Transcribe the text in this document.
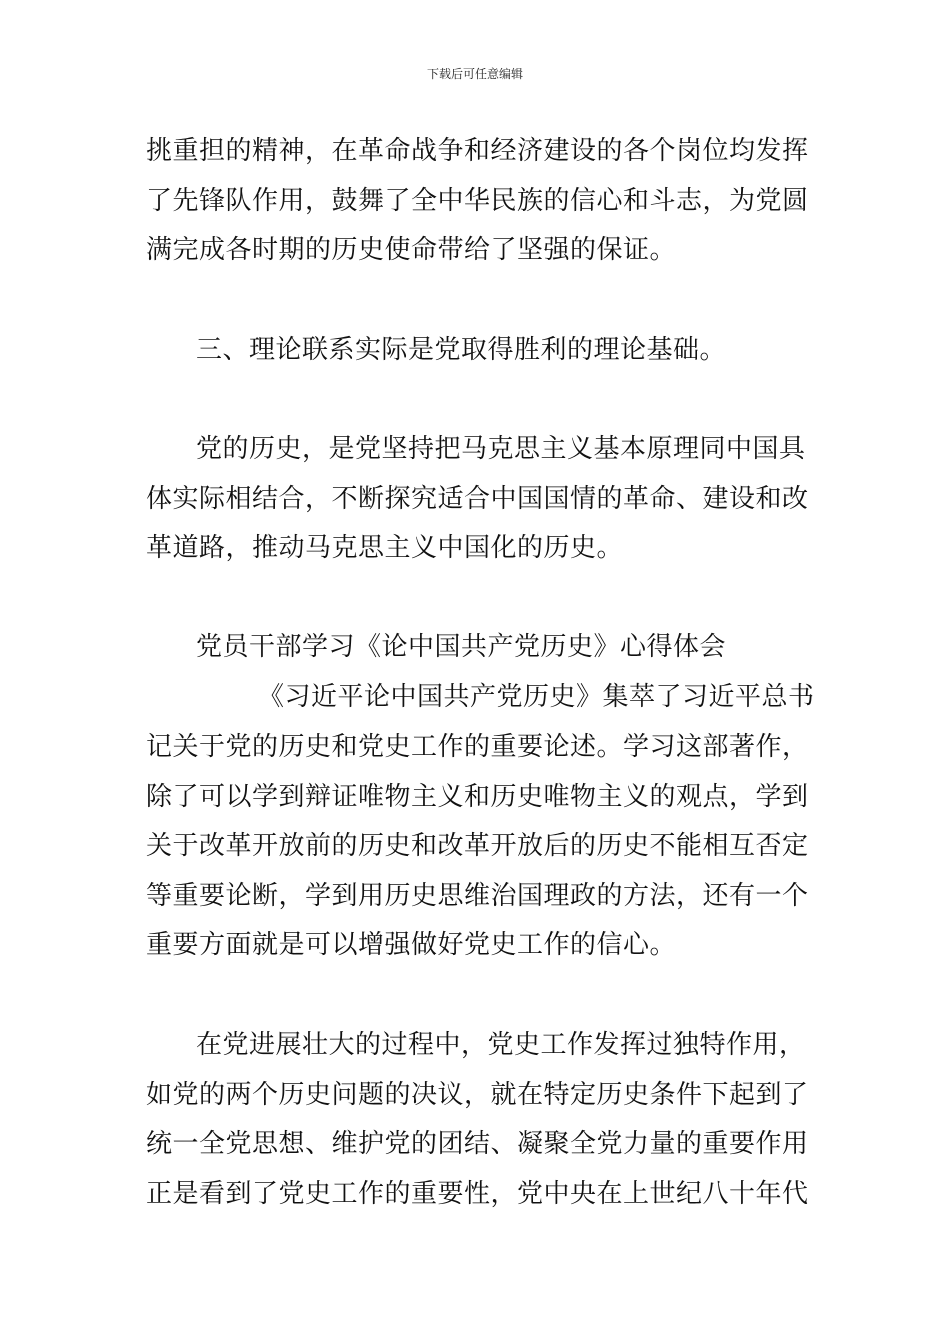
下载后可任意编辑
挑重担的精神，在革命战争和经济建设的各个岗位均发挥
了先锋队作用，鼓舞了全中华民族的信心和斗志，为党圆
满完成各时期的历史使命带给了坚强的保证。
三、理论联系实际是党取得胜利的理论基础。
党的历史，是党坚持把马克思主义基本原理同中国具
体实际相结合，不断探究适合中国国情的革命、建设和改
革道路，推动马克思主义中国化的历史。
党员干部学习《论中国共产党历史》心得体会
《习近平论中国共产党历史》集萃了习近平总书
记关于党的历史和党史工作的重要论述。学习这部著作，
除了可以学到辩证唯物主义和历史唯物主义的观点，学到
关于改革开放前的历史和改革开放后的历史不能相互否定
等重要论断，学到用历史思维治国理政的方法，还有一个
重要方面就是可以增强做好党史工作的信心。
在党进展壮大的过程中，党史工作发挥过独特作用，
如党的两个历史问题的决议，就在特定历史条件下起到了
统一全党思想、维护党的团结、凝聚全党力量的重要作用
正是看到了党史工作的重要性，党中央在上世纪八十年代
